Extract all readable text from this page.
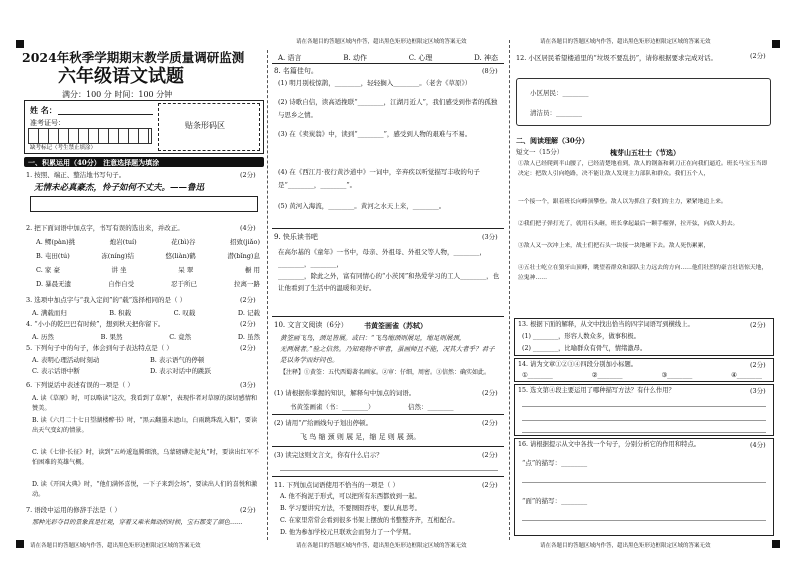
2024年秋季学期期末教学质量调研监测
六年级语文试题
满分：100 分 时间：100 分钟
姓 名：
准考证号：	贴条形码区
缺考标记（考生禁止填涂）
一、积累运用（40分） 注意选择题为填涂
1. 按照、端正、整洁地书写句子。	(2分)
无情未必真豪杰，怜子如何不丈夫。——鲁迅
2. 把下面词语中加点字，书写有误的选出来，并改正。	(4分)
A. 鳏(pàn)挑	炮岩(tuí)	花(bì)谷	招致(jiǎo)
B. 屯田(tú)	冻(níng)结	悠(liàn)鹤	潜(bǐng)息
C. 家 豪	讲 坐	呆 翠	橱 用
D. 暴晨无遗	自作自受	忍于所已	拉离一路
3. 选项中加点字与“我入定间”的“载”选择相同的是（ ）	(2分)
A. 满载而归	B. 积载	C. 叹载	D. 记载
4. “小小的乾巴巴有时候”，想到秋天把你留下。	(2分)
A. 历然	B. 果然	C. 竟然	D. 虽然
5. 下列句子中的句子，体会到句子表达特点是（ ）	(2分)
A. 表明心理活动时刻动	B. 表示语气的停顿
C. 表示话语中断	D. 表示对话中的跳跃
6. 下列说话中表述有误的一项是（ ）	(3分)
A. 读《草原》时，可以略读“这次，我看到了草原”，表现作者对草原的深切感情和赞美。
B. 读《六月二十七日望湖楼醉书》时，“黑云翻墨未遮山，白雨跳珠乱入船”，要读出天气变幻的情景。
C. 读《七律·长征》时，读到“五岭逶迤腾细浪，乌蒙磅礴走泥丸”时，要读出红军不怕困难的英雄气概。
D. 读《开国大典》时，“他们满怀喜悦，一下子来到会场”，要读出人们的喜悦和激动。
7. 语段中运用的修辞手法是（ ）	(2分)
那种光彩夺目的景象真是壮观，穿着又乘米舞动的时候，宝石都变了颜色……
请在各题目的答题区域内作答，超出黑色矩形边框限定区域的答案无效
请在各题目的答题区域内作答，超出黑色矩形边框限定区域的答案无效
A. 语言	B. 动作	C. 心理	D. 神态
8. 名篇佳句。	(8分)
(1) 明月别枝惊鹊，________，轻轻搁入________。（老舍《草原》）
(2) 诗歌自信，读高适挽联“________，江湖月近人”，我们感受到作者的孤独与思乡之情。
(3) 在《卖炭翁》中，读到“________”，感受到人物的艰难与不易。
(4) 在《西江月·夜行黄沙道中》一词中，辛弃疾以听觉描写丰收的句子是“________，________”。
(5) 黄河入海流，________。黄河之水天上来，________。
9. 快乐读书吧	(3分)
在高尔基的《童年》一书中，母亲、外祖母、外祖父等人物，________，________，________，
________，除此之外，富有同情心的“小茨冈”和热爱学习的工人________，也让他看到了生活中的温暖和美好。
10. 文言文阅读（6分） 书黄筌画雀（苏轼）
黄筌画飞鸟，颈足皆展。或曰：“飞鸟缩颈则展足，缩足则展颈，
无两展者。”验之信然。乃知观物不审者，虽画师且不能，况其大者乎？君子是以务学而好问也。
【注释】①黄筌：五代西蜀著名画家。②审：仔细，周密。③信然：确实如此。
(1) 请根据你掌握的知识，解释句中加点的词语。	(2分)
书黄筌画雀（书：________）	信然：________
(2) 请用“/”给画线句子划出停顿。	(2分)
飞 鸟 缩 颈 则 展 足，缩 足 则 展 颈。
(3) 读完这则文言文，你有什么启示？	(2分)
11. 下列加点词语使用不恰当的一项是（ ）	(2分)
A. 他不拘泥于形式，可以把所有东西都放到一起。
B. 学习要讲究方法，不要囫囵吞枣，要认真思考。
C. 在家里常常会看到很多书架上摆放的书整整齐齐，互相配合。
D. 他为参加学校元旦联欢会而努力了一个学期。
请在各题目的答题区域内作答，超出黑色矩形边框限定区域的答案无效
请在各题目的答题区域内作答，超出黑色矩形边框限定区域的答案无效
12. 小区居民希望楼道里的“垃圾不要乱扔”，请你根据要求完成对话。	(2分)
小区居民：________
清洁员：________
二、阅读理解（30分）
短文一（15分）	槐芽山五壮士（节选）
①敌人已经爬到半山腰了，已经清楚地看到，敌人的钢盔和刺刀正在向我们逼近。班长马宝玉当即决定：把敌人引向绝路，决不能让敌人发现主力部队和群众。我们五个人，
一个接一个，跟着班长向峰顶攀登。敌人以为抓住了我们的主力，紧紧地追上来。
②我们把子弹打光了，就用石头砸，班长拿起最后一颗手榴弹，拉开弦，向敌人扔去。
③敌人又一次冲上来，战士们把石头一块接一块地砸下去。敌人死伤累累，
④五壮士屹立在狼牙山顶峰，眺望着群众和部队主力远去的方向……他们壮烈的豪言壮语惊天地，泣鬼神……
13. 根据下面的解释，从文中找出恰当的四字词语写到横线上。	(2分)
(1) ________，形容人数众多，做事积极。
(2) ________，比喻群众有骨气，情绪激昂。
14. 请为文章①②③④四段分别加小标题。	(2分)
①________	②________	③________	④________
15. 选文第④段主要运用了哪种描写方法？有什么作用？	(3分)
16. 请根据提示从文中各找一个句子，分别分析它的作用和特点。	(4分)
“点”的描写：________
“面”的描写：________
请在各题目的答题区域内作答，超出黑色矩形边框限定区域的答案无效
